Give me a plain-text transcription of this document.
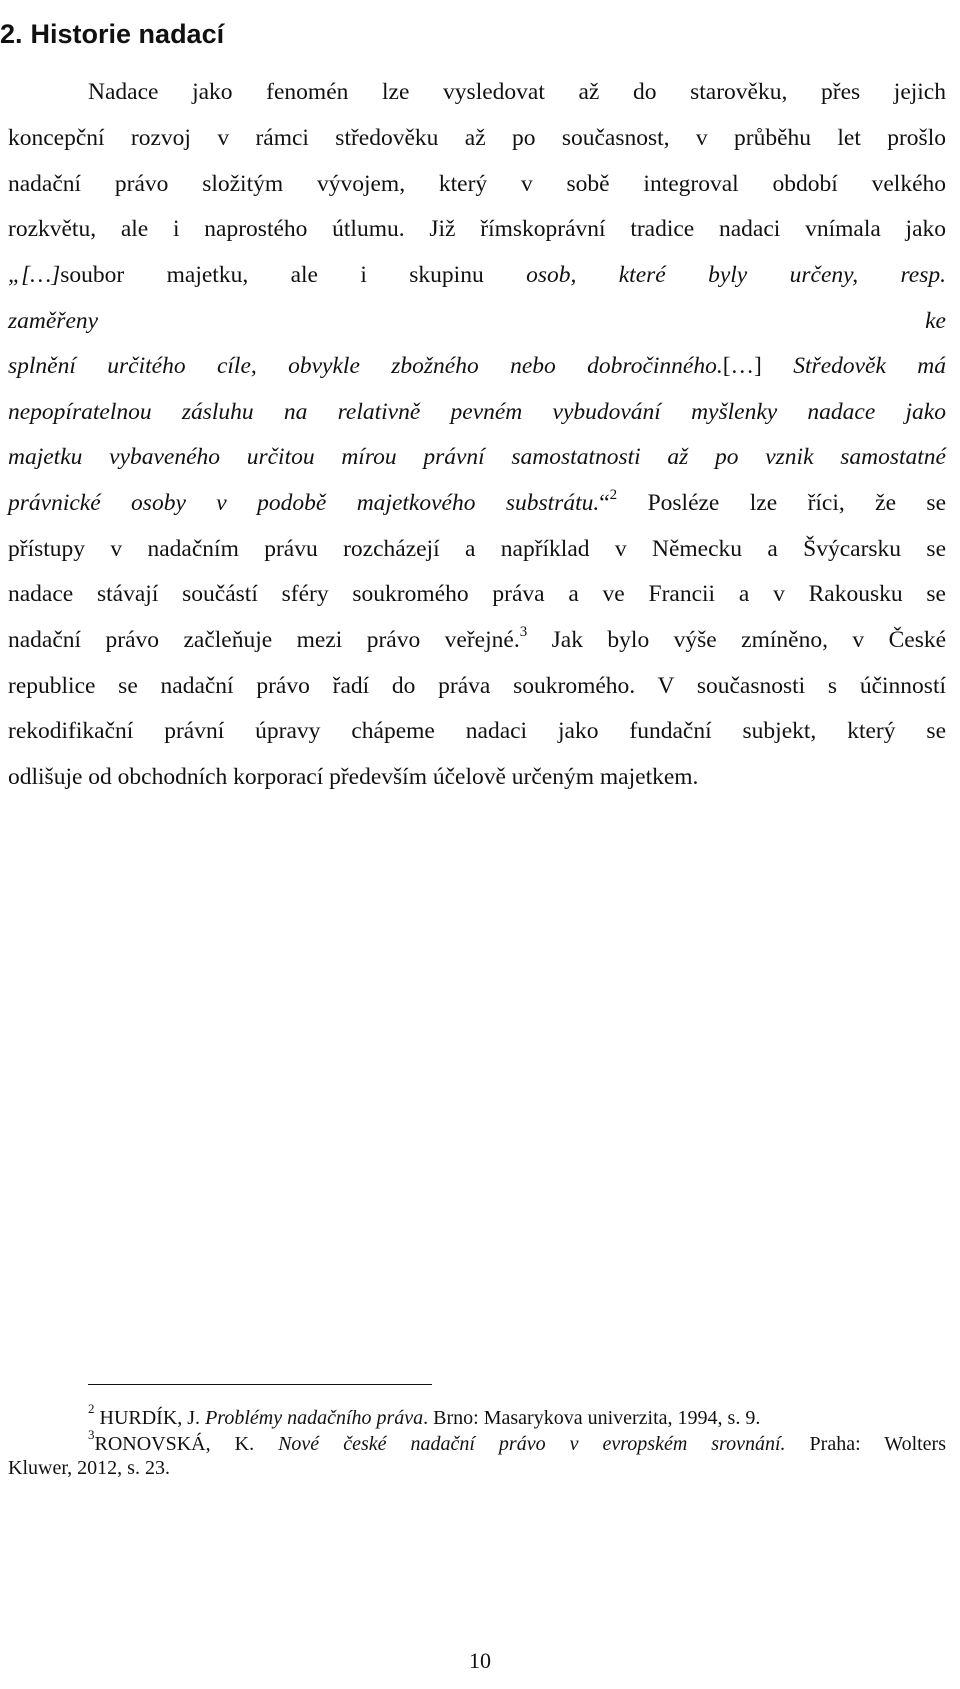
2. Historie nadací
Nadace jako fenomén lze vysledovat až do starověku, přes jejich
koncepční rozvoj v rámci středověku až po současnost, v průběhu let prošlo
nadační právo složitým vývojem, který v sobě integroval období velkého
rozkvětu, ale i naprostého útlumu. Již římskoprávní tradice nadaci vnímala jako
„[…]soubor majetku, ale i skupinu osob, které byly určeny, resp.
zaměřeny ke
splnění určitého cíle, obvykle zbožného nebo dobročinného.[…] Středověk má
nepopíratelnou zásluhu na relativně pevném vybudování myšlenky nadace jako
majetku vybaveného určitou mírou právní samostatnosti až po vznik samostatné
právnické osoby v podobě majetkového substrátu.“$^2$ Posléze lze říci, že se
přístupy v nadačním právu rozcházejí a například v Německu a Švýcarsku se
nadace stávají součástí sféry soukromého práva a ve Francii a v Rakousku se
nadační právo začleňuje mezi právo veřejné.$^3$ Jak bylo výše zmíněno, v České
republice se nadační právo řadí do práva soukromého. V současnosti s účinností
rekodifikační právní úpravy chápeme nadaci jako fundační subjekt, který se
odlišuje od obchodních korporací především účelově určeným majetkem.
$^2$ HURDÍK, J. Problémy nadačního práva. Brno: Masarykova univerzita, 1994, s. 9.
$^3$RONOVSKÁ, K. Nové české nadační právo v evropském srovnání. Praha: Wolters
Kluwer, 2012, s. 23.
10
